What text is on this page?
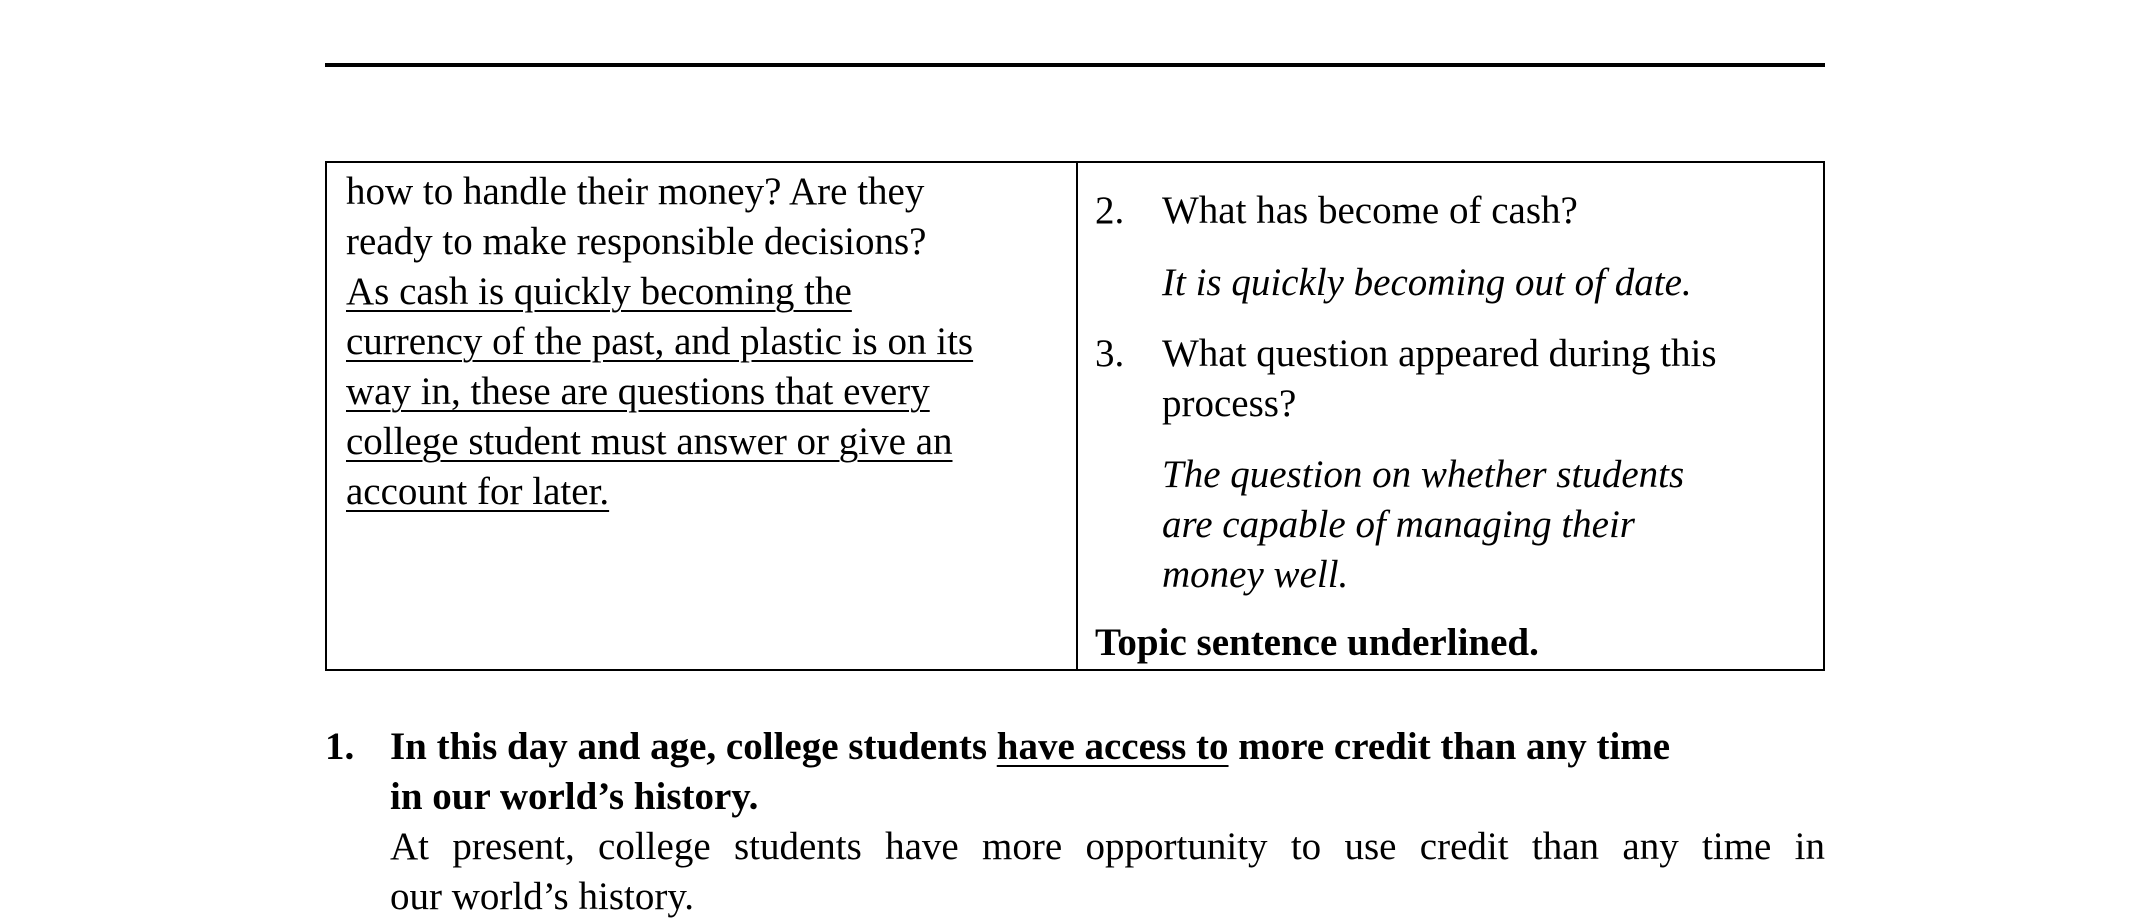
how to handle their money? Are they

ready to make responsible decisions?

As cash is quickly becoming the

currency of the past, and plastic is on its

way in, these are questions that every

college student must answer or give an

account for later.

2. What has become of cash?
It is quickly becoming out of date.
3. What question appeared during this
process?
The question on whether students
are capable of managing their
money well.
Topic sentence underlined.
1. In this day and age, college students have access to more credit than any time
in our world’s history.
At present, college students have more opportunity to use credit than any time in
our world’s history.
